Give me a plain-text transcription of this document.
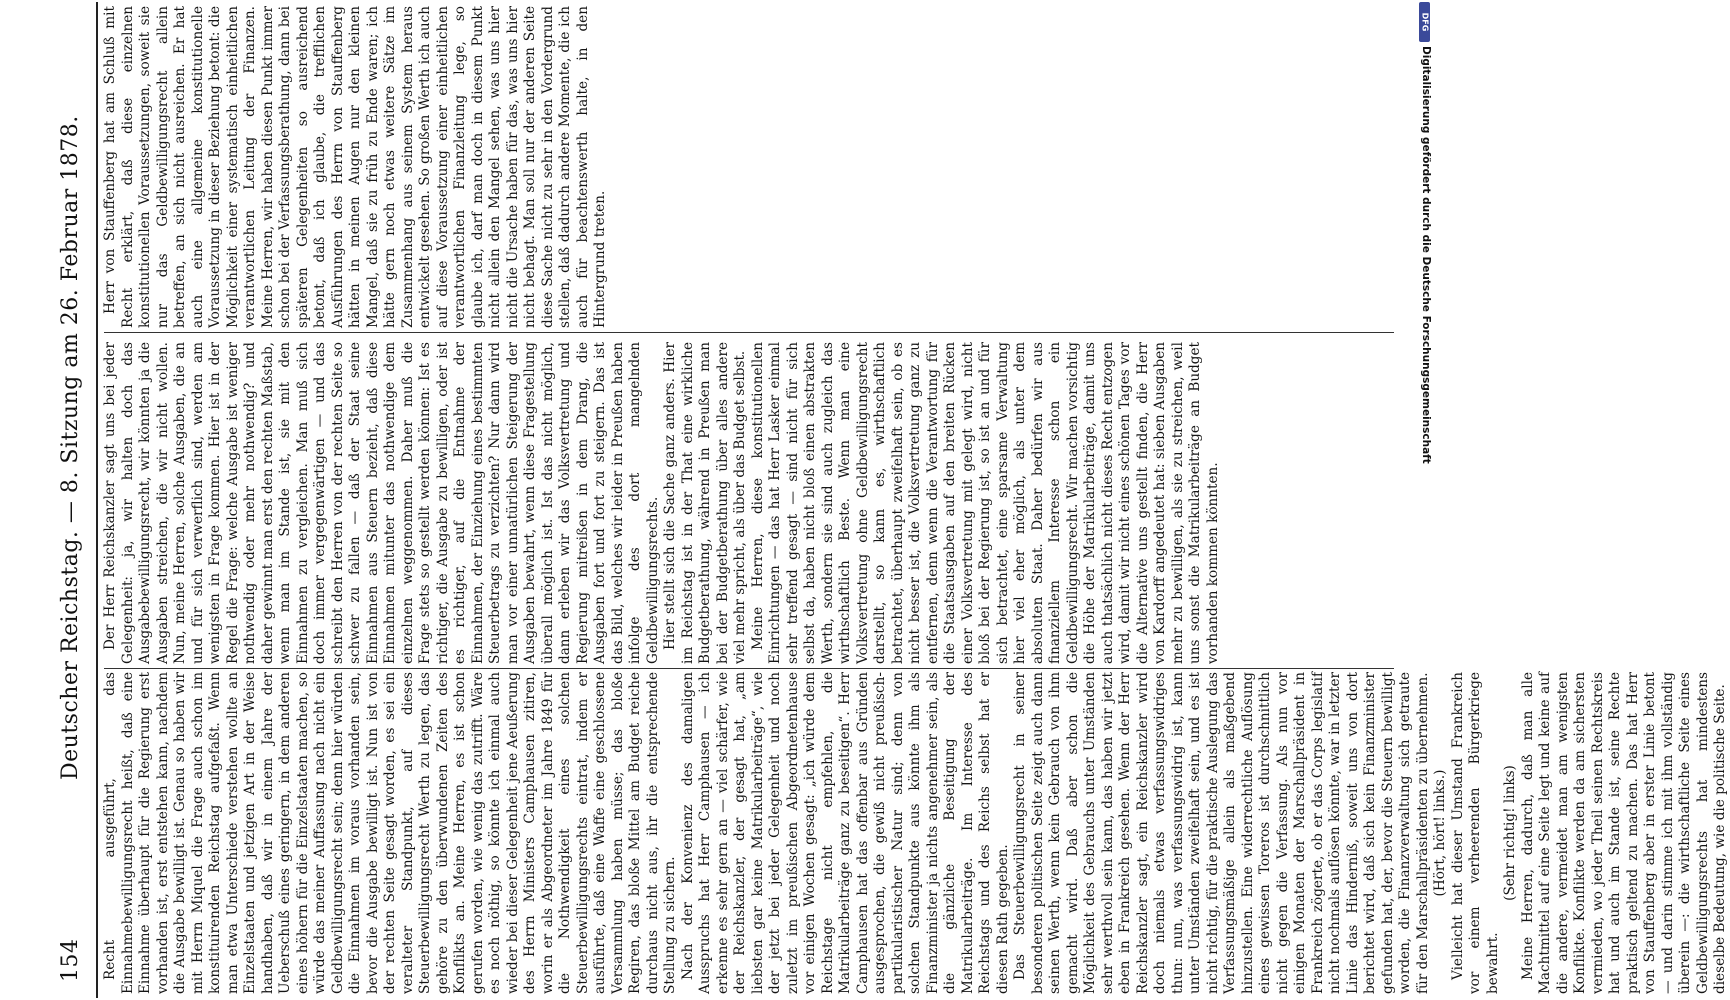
154
Deutscher Reichstag. — 8. Sitzung am 26. Februar 1878.

Recht ausgeführt, das Einnahmebewilligungsrecht heißt, daß eine Einnahme überhaupt für die Regierung erst vorhanden ist, erst entstehen kann, nachdem die Ausgabe bewilligt ist. Genau so haben wir mit Herrn Miquel die Frage auch schon im konstituirenden Reichstag aufgefaßt. Wenn man etwa Unterschiede verstehen wollte an Einzelstaaten und jetzigen Art in der Weise handhaben, daß wir in einem Jahre der Ueberschuß eines geringern, in dem anderen eines höhern für die Einzelstaaten machen, so würde das meiner Auffassung nach nicht ein Geldbewilligungsrecht sein; denn hier würden die Einnahmen im voraus vorhanden sein, bevor die Ausgabe bewilligt ist. Nun ist von der rechten Seite gesagt worden, es sei ein veralteter Standpunkt, auf dieses Steuerbewilligungsrecht Werth zu legen, das gehöre zu den überwundenen Zeiten des Konflikts an. Meine Herren, es ist schon gerufen worden, wie wenig das zutrifft. Wäre es noch nöthig, so könnte ich einmal auch wieder bei dieser Gelegenheit jene Aeußerung des Herrn Ministers Camphausen zitiren, worin er als Abgeordneter im Jahre 1849 für die Nothwendigkeit eines solchen Steuerbewilligungsrechts eintrat, indem er ausführte, daß eine Waffe eine geschlossene Versammlung haben müsse; das bloße Regiren, das bloße Mittel am Budget reiche durchaus nicht aus, ihr die entsprechende Stellung zu sichern. Nach der Konvenienz des damaligen Ausspruchs hat Herr Camphausen — ich erkenne es sehr gern an — viel schärfer, wie der Reichskanzler, der gesagt hat, „am liebsten gar keine Matrikularbeiträge“, wie der jetzt bei jeder Gelegenheit und noch zuletzt im preußischen Abgeordnetenhause vor einigen Wochen gesagt: „ich würde dem Reichstage nicht empfehlen, die Matrikularbeiträge ganz zu beseitigen“. Herr Camphausen hat das offenbar aus Gründen ausgesprochen, die gewiß nicht preußisch-partikularistischer Natur sind; denn von solchen Standpunkte aus könnte ihm als Finanzminister ja nichts angenehmer sein, als die gänzliche Beseitigung der Matrikularbeiträge. Im Interesse des Reichstags und des Reichs selbst hat er diesen Rath gegeben. Das Steuerbewilligungsrecht in seiner besonderen politischen Seite zeigt auch dann seinen Werth, wenn kein Gebrauch von ihm gemacht wird. Daß aber schon die Möglichkeit des Gebrauchs unter Umständen sehr werthvoll sein kann, das haben wir jetzt eben in Frankreich gesehen. Wenn der Herr Reichskanzler sagt, ein Reichskanzler wird doch niemals etwas verfassungswidriges thun: nun, was verfassungswidrig ist, kann unter Umständen zweifelhaft sein, und es ist nicht richtig, für die praktische Auslegung das Verfassungsmäßige allein als maßgebend hinzustellen. Eine widerrechtliche Auflösung eines gewissen Toreros ist durchschnittlich nicht gegen die Verfassung. Als nun vor einigen Monaten der Marschallpräsident in Frankreich zögerte, ob er das Corps legislatif nicht nochmals auflösen könnte, war in letzter Linie das Hinderniß, soweit uns von dort berichtet wird, daß sich kein Finanzminister gefunden hat, der, bevor die Steuern bewilligt worden, die Finanzverwaltung sich getraute für den Marschallpräsidenten zu übernehmen. (Hört, hört! links.) Vielleicht hat dieser Umstand Frankreich vor einem verheerenden Bürgerkriege bewahrt.

(Sehr richtig! links) Meine Herren, dadurch, daß man alle Machtmittel auf eine Seite legt und keine auf die andere, vermeidet man am wenigsten Konflikte. Konflikte werden da am sichersten vermieden, wo jeder Theil seinen Rechtskreis hat und auch im Stande ist, seine Rechte praktisch geltend zu machen. Das hat Herr von Stauffenberg aber in erster Linie betont — und darin stimme ich mit ihm vollständig überein —: die wirthschaftliche Seite eines Geldbewilligungsrechts hat mindestens dieselbe Bedeutung, wie die politische Seite.

Der Herr Reichskanzler sagt uns bei jeder Gelegenheit: ja, wir halten doch das Ausgabebewilligungsrecht, wir könnten ja die Ausgaben streichen, die wir nicht wollen. Nun, meine Herren, solche Ausgaben, die an und für sich verwerflich sind, werden am wenigsten in Frage kommen. Hier ist in der Regel die Frage: welche Ausgabe ist weniger nothwendig oder mehr nothwendig? und daher gewinnt man erst den rechten Maßstab, wenn man im Stande ist, sie mit den Einnahmen zu vergleichen. Man muß sich doch immer vergegenwärtigen — und das schreibt den Herren von der rechten Seite so schwer zu fallen — daß der Staat seine Einnahmen aus Steuern bezieht, daß diese Einnahmen mitunter das nothwendige dem einzelnen weggenommen. Daher muß die Frage stets so gestellt werden können: Ist es richtiger, die Ausgabe zu bewilligen, oder ist es richtiger, auf die Entnahme der Einnahmen, der Einziehung eines bestimmten Steuerbetrags zu verzichten? Nur dann wird man vor einer unnatürlichen Steigerung der Ausgaben bewahrt, wenn diese Fragestellung überall möglich ist. Ist das nicht möglich, dann erleben wir das Volksvertretung und Regierung mitreißen in dem Drang, die Ausgaben fort und fort zu steigern. Das ist das Bild, welches wir leider in Preußen haben infolge des dort mangelnden Geldbewilligungsrechts. Hier stellt sich die Sache ganz anders. Hier im Reichstag ist in der That eine wirkliche Budgetberathung, während in Preußen man bei der Budgetberathung über alles andere viel mehr spricht, als über das Budget selbst. Meine Herren, diese konstitutionellen Einrichtungen — das hat Herr Lasker einmal sehr treffend gesagt — sind nicht für sich selbst da, haben nicht bloß einen abstrakten Werth, sondern sie sind auch zugleich das wirthschaftlich Beste. Wenn man eine Volksvertretung ohne Geldbewilligungsrecht darstellt, so kann es, wirthschaftlich betrachtet, überhaupt zweifelhaft sein, ob es nicht besser ist, die Volksvertretung ganz zu entfernen, denn wenn die Verantwortung für die Staatsausgaben auf den breiten Rücken einer Volksvertretung mit gelegt wird, nicht bloß bei der Regierung ist, so ist an und für sich betrachtet, eine sparsame Verwaltung hier viel eher möglich, als unter dem absoluten Staat. Daher bedürfen wir aus finanziellem Interesse schon ein Geldbewilligungsrecht. Wir machen vorsichtig die Höhe der Matrikularbeiträge, damit uns auch thatsächlich nicht dieses Recht entzogen wird, damit wir nicht eines schönen Tages vor die Alternative uns gestellt finden, die Herr von Kardorff angedeutet hat: sieben Ausgaben mehr zu bewilligen, als sie zu streichen, weil uns sonst die Matrikularbeiträge an Budget vorhanden kommen könnten.

Herr von Stauffenberg hat am Schluß mit Recht erklärt, daß diese einzelnen konstitutionellen Voraussetzungen, soweit sie nur das Geldbewilligungsrecht allein betreffen, an sich nicht ausreichen. Er hat auch eine allgemeine konstitutionelle Voraussetzung in dieser Beziehung betont: die Möglichkeit einer systematisch einheitlichen verantwortlichen Leitung der Finanzen. Meine Herren, wir haben diesen Punkt immer schon bei der Verfassungsberathung, dann bei späteren Gelegenheiten so ausreichend betont, daß ich glaube, die trefflichen Ausführungen des Herrn von Stauffenberg hätten in meinen Augen nur den kleinen Mangel, daß sie zu früh zu Ende waren; ich hätte gern noch etwas weitere Sätze im Zusammenhang aus seinem System heraus entwickelt gesehen. So großen Werth ich auch auf diese Voraussetzung einer einheitlichen verantwortlichen Finanzleitung lege, so glaube ich, darf man doch in diesem Punkt nicht allein den Mangel sehen, was uns hier nicht die Ursache haben für das, was uns hier nicht behagt. Man soll nur der anderen Seite diese Sache nicht zu sehr in den Vordergrund stellen, daß dadurch andere Momente, die ich auch für beachtenswerth halte, in den Hintergrund treten.

DFG
Digitalisierung gefördert durch die Deutsche Forschungsgemeinschaft
